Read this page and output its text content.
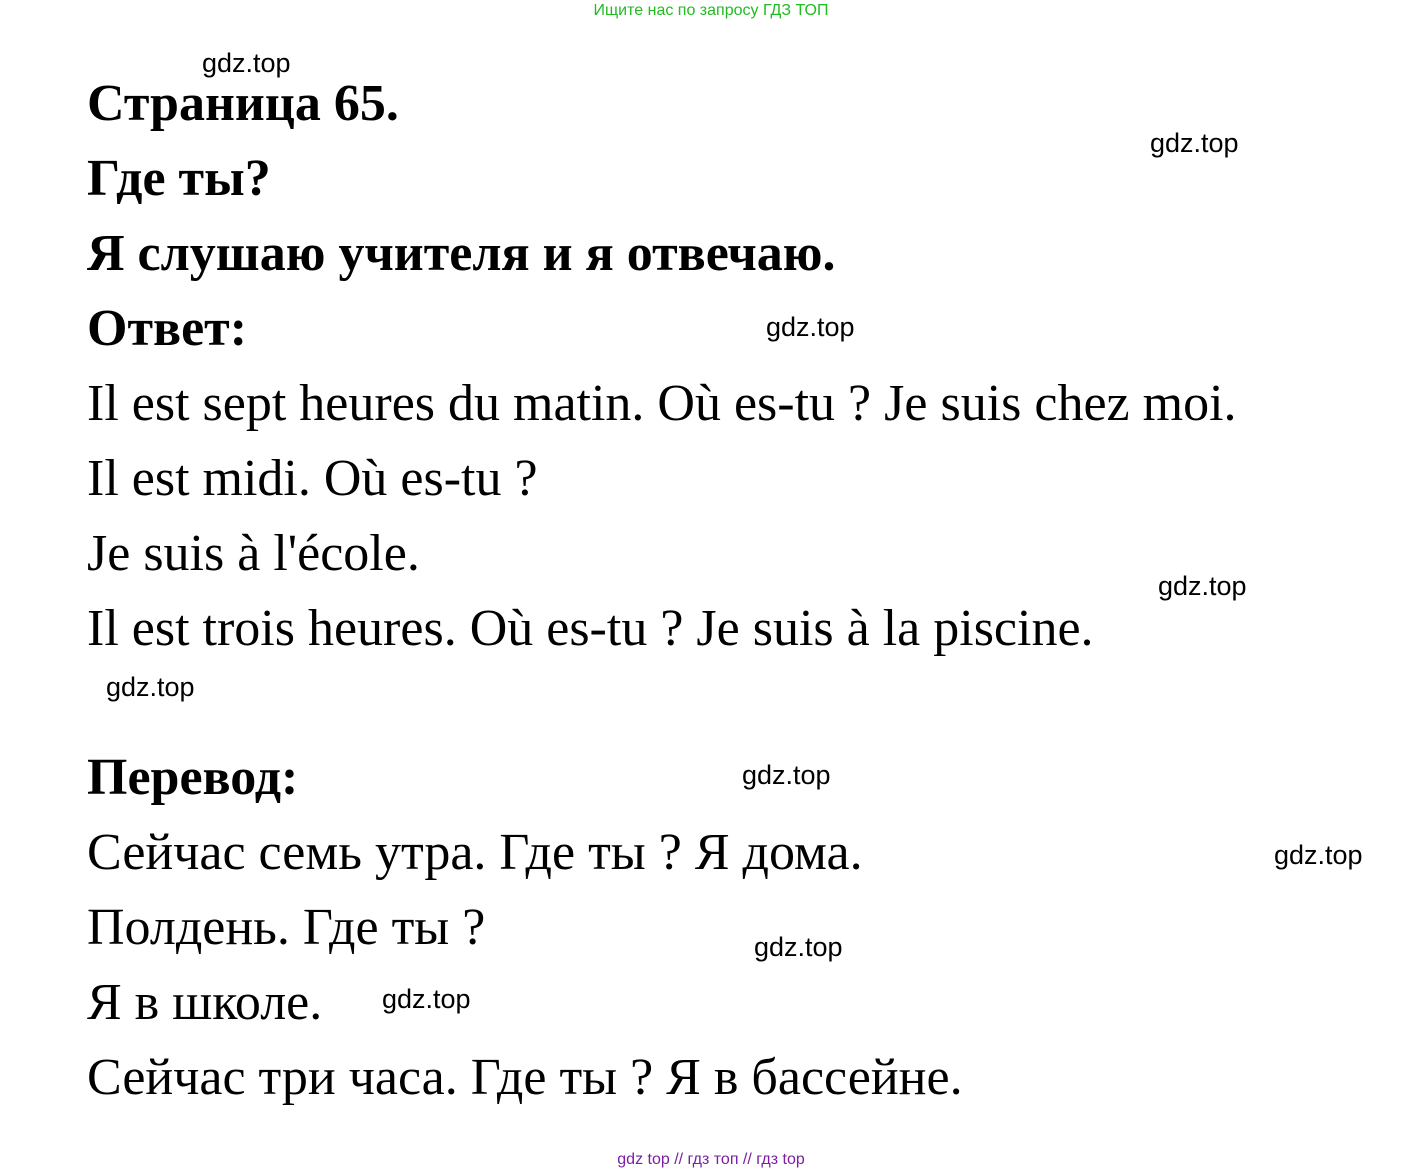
Ищите нас по запросу ГДЗ ТОП
Страница 65.
Где ты?
Я слушаю учителя и я отвечаю.
Ответ:
Il est sept heures du matin. Où es-tu ? Je suis chez moi.
Il est midi. Où es-tu ?
Je suis à l'école.
Il est trois heures. Où es-tu ? Je suis à la piscine.
Перевод:
Сейчас семь утра. Где ты ? Я дома.
Полдень. Где ты ?
Я в школе.
Сейчас три часа. Где ты ? Я в бассейне.
gdz.top
gdz.top
gdz.top
gdz.top
gdz.top
gdz.top
gdz.top
gdz.top
gdz.top
gdz top // гдз топ // гдз top
